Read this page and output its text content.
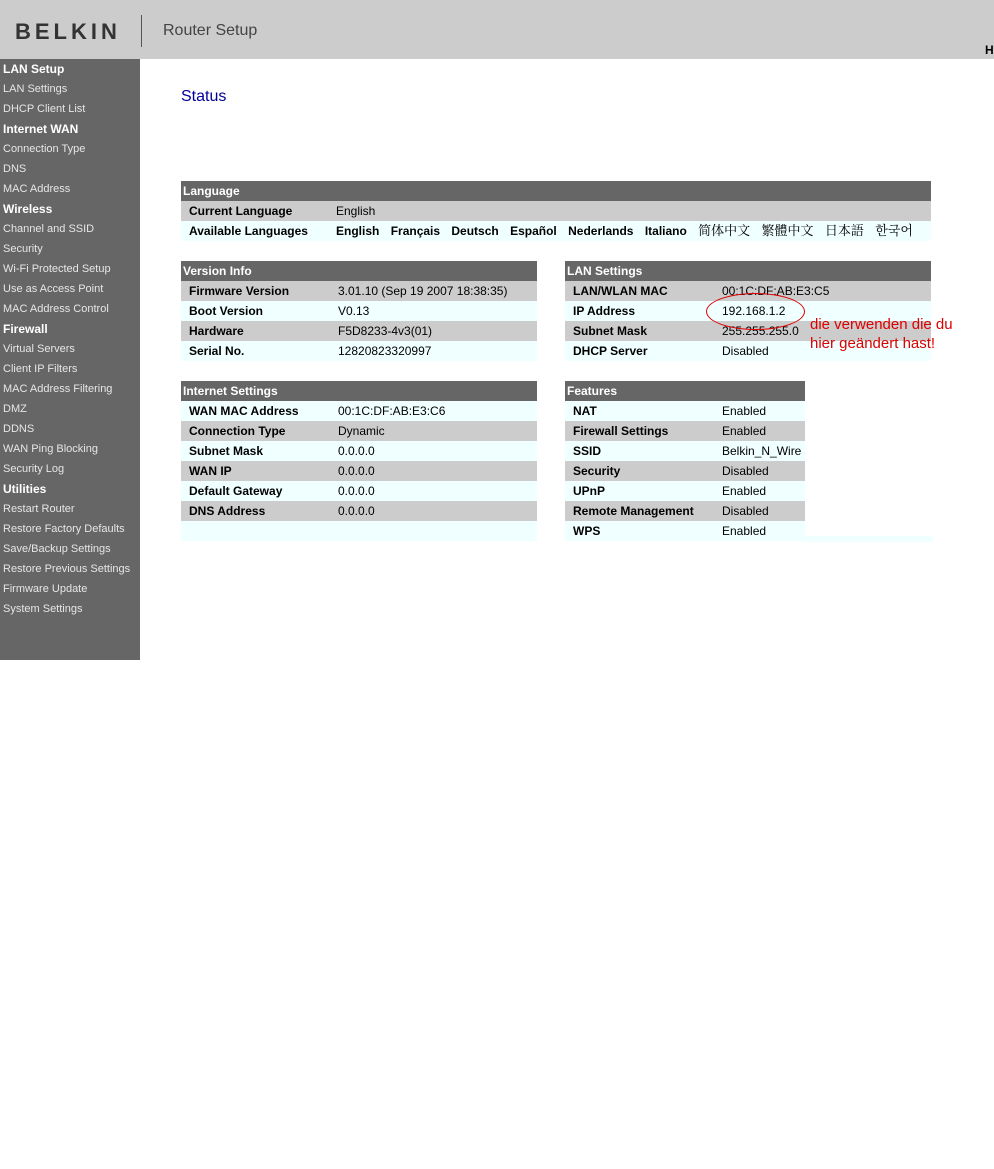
BELKIN	Router Setup
H
LAN Setup
LAN Settings
DHCP Client List
Internet WAN
Connection Type
DNS
MAC Address
Wireless
Channel and SSID
Security
Wi-Fi Protected Setup
Use as Access Point
MAC Address Control
Firewall
Virtual Servers
Client IP Filters
MAC Address Filtering
DMZ
DDNS
WAN Ping Blocking
Security Log
Utilities
Restart Router
Restore Factory Defaults
Save/Backup Settings
Restore Previous Settings
Firmware Update
System Settings
Status
Language
Current Language	English
Available Languages English Français Deutsch Español Nederlands Italiano 简体中文 繁體中文 日本語 한국어
Version Info
Firmware Version	3.01.10 (Sep 19 2007 18:38:35)
Boot Version	V0.13
Hardware	F5D8233-4v3(01)
Serial No.	12820823320997
LAN Settings
LAN/WLAN MAC	00:1C:DF:AB:E3:C5
IP Address	192.168.1.2
Subnet Mask	255.255.255.0
DHCP Server	Disabled
Internet Settings
WAN MAC Address	00:1C:DF:AB:E3:C6
Connection Type	Dynamic
Subnet Mask	0.0.0.0
WAN IP	0.0.0.0
Default Gateway	0.0.0.0
DNS Address	0.0.0.0
Features
NAT	Enabled
Firewall Settings	Enabled
SSID	Belkin_N_Wire
Security	Disabled
UPnP	Enabled
Remote Management Disabled
WPS	Enabled
die verwenden die du
hier geändert hast!
